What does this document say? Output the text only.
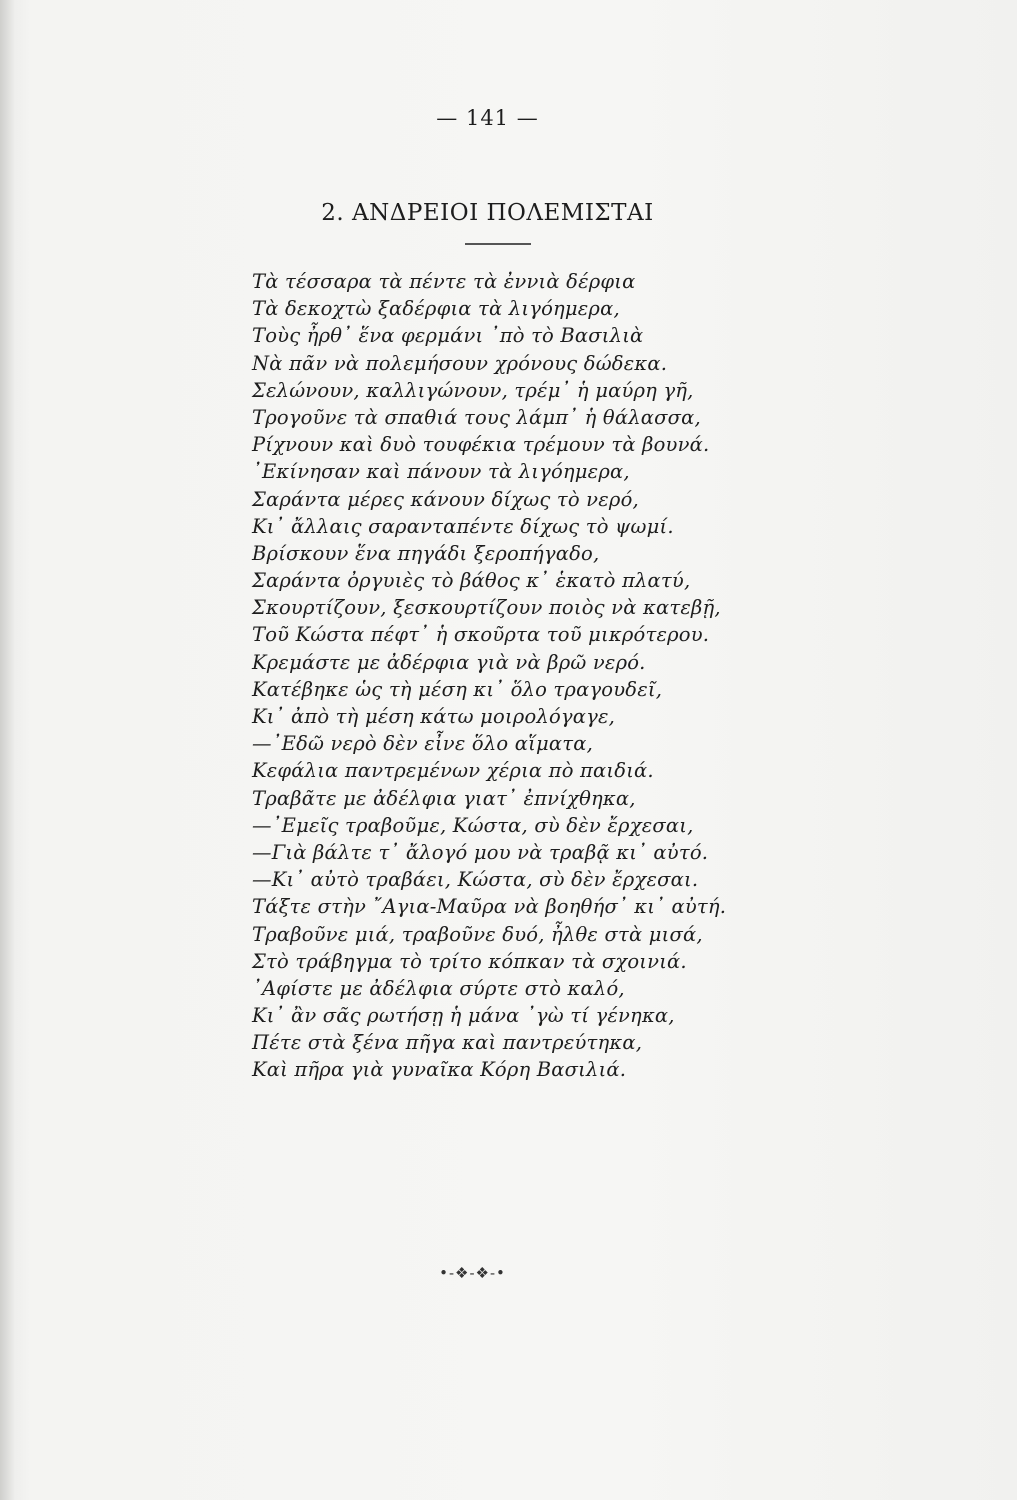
— 141 —
2. ΑΝΔΡΕΙΟΙ ΠΟΛΕΜΙΣΤΑΙ
Τὰ τέσσαρα τὰ πέντε τὰ ἐννιὰ δέρφια
Τὰ δεκοχτὼ ξαδέρφια τὰ λιγόημερα,
Τοὺς ἦρθ᾽ ἕνα φερμάνι ᾽πὸ τὸ Βασιλιὰ
Νὰ πᾶν νὰ πολεμήσουν χρόνους δώδεκα.
Σελώνουν, καλλιγώνουν, τρέμ᾽ ἡ μαύρη γῆ,
Τρογοῦνε τὰ σπαθιά τους λάμπ᾽ ἡ θάλασσα,
Ρίχνουν καὶ δυὸ τουφέκια τρέμουν τὰ βουνά.
᾽Εκίνησαν καὶ πάνουν τὰ λιγόημερα,
Σαράντα μέρες κάνουν δίχως τὸ νερό,
Κι᾽ ἄλλαις σαρανταπέντε δίχως τὸ ψωμί.
Βρίσκουν ἕνα πηγάδι ξεροπήγαδο,
Σαράντα ὀργυιὲς τὸ βάθος κ᾽ ἑκατὸ πλατύ,
Σκουρτίζουν, ξεσκουρτίζουν ποιὸς νὰ κατεβῇ,
Τοῦ Κώστα πέφτ᾽ ἡ σκοῦρτα τοῦ μικρότερου.
Κρεμάστε με ἀδέρφια γιὰ νὰ βρῶ νερό.
Κατέβηκε ὡς τὴ μέση κι᾽ ὅλο τραγουδεῖ,
Κι᾽ ἀπὸ τὴ μέση κάτω μοιρολόγαγε,
—᾽Εδῶ νερὸ δὲν εἶνε ὅλο αἵματα,
Κεφάλια παντρεμένων χέρια πὸ παιδιά.
Τραβᾶτε με ἀδέλφια γιατ᾽ ἐπνίχθηκα,
—᾽Εμεῖς τραβοῦμε, Κώστα, σὺ δὲν ἔρχεσαι,
—Γιὰ βάλτε τ᾽ ἄλογό μου νὰ τραβᾷ κι᾽ αὐτό.
—Κι᾽ αὐτὸ τραβάει, Κώστα, σὺ δὲν ἔρχεσαι.
Τάξτε στὴν ῎Αγια-Μαῦρα νὰ βοηθήσ᾽ κι᾽ αὐτή.
Τραβοῦνε μιά, τραβοῦνε δυό, ἦλθε στὰ μισά,
Στὸ τράβηγμα τὸ τρίτο κόπκαν τὰ σχοινιά.
᾽Αφίστε με ἀδέλφια σύρτε στὸ καλό,
Κι᾽ ἂν σᾶς ρωτήσῃ ἡ μάνα ᾽γὼ τί γένηκα,
Πέτε στὰ ξένα πῆγα καὶ παντρεύτηκα,
Καὶ πῆρα γιὰ γυναῖκα Κόρη Βασιλιά.
•-❖-❖-•
